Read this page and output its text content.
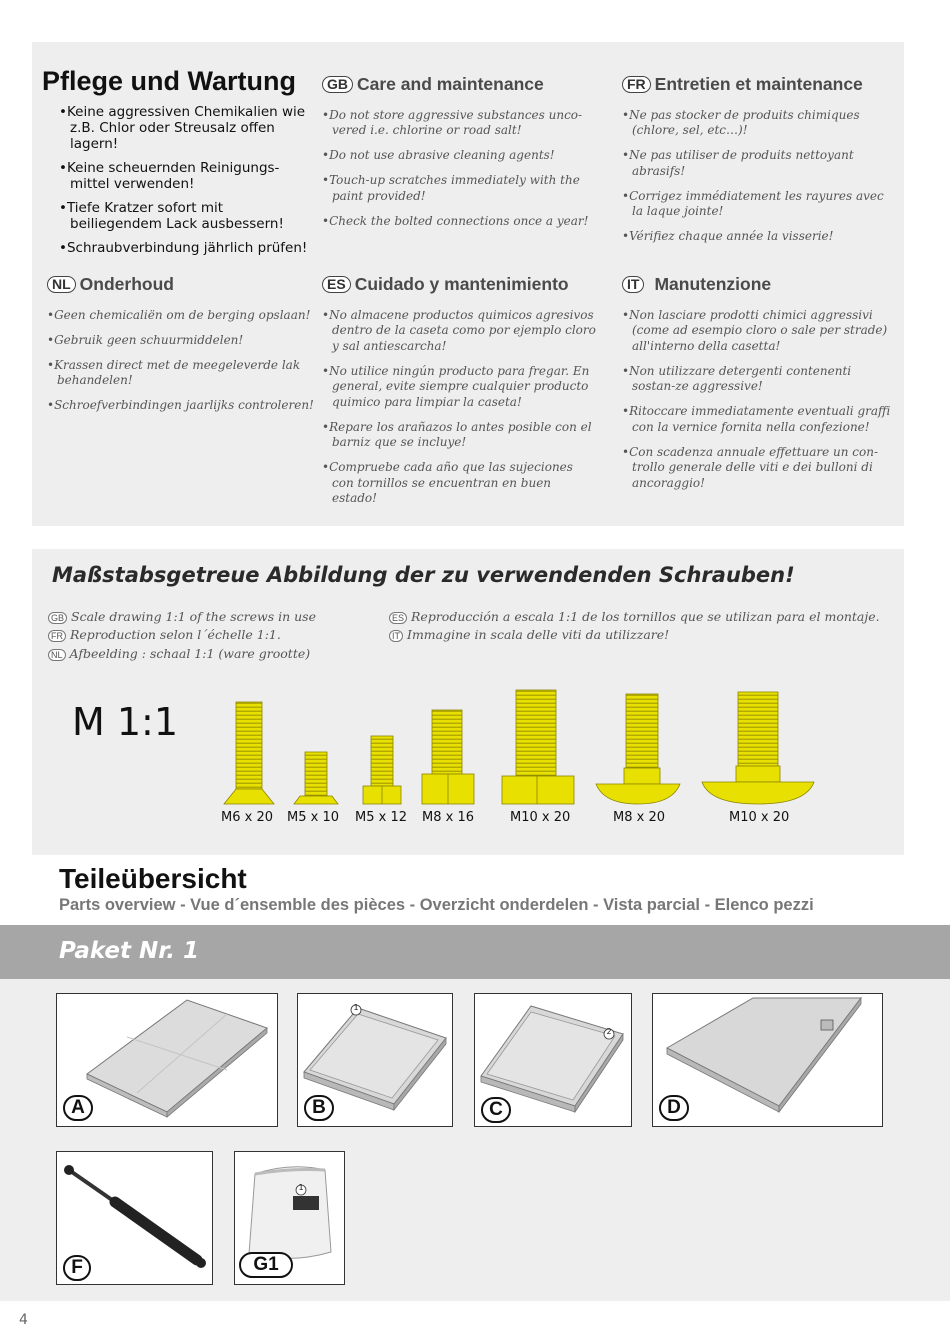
Pflege und Wartung
• Keine aggressiven Chemikalien wie z.B. Chlor oder Streusalz offen lagern!
• Keine scheuernden Reinigungs-mittel verwenden!
• Tiefe Kratzer sofort mit beiliegendem Lack ausbessern!
• Schraubverbindung jährlich prüfen!
GB Care and maintenance
• Do not store aggressive substances unco-vered i.e. chlorine or road salt!
• Do not use abrasive cleaning agents!
• Touch-up scratches immediately with the paint provided!
• Check the bolted connections once a year!
FR Entretien et maintenance
• Ne pas stocker de produits chimiques (chlore, sel, etc…)!
• Ne pas utiliser de produits nettoyant abrasifs!
• Corrigez immédiatement les rayures avec la laque jointe!
• Vérifiez chaque année la visserie!
NL Onderhoud
• Geen chemicaliën om de berging opslaan!
• Gebruik geen schuurmiddelen!
• Krassen direct met de meegeleverde lak behandelen!
• Schroefverbindingen jaarlijks controleren!
ES Cuidado y mantenimiento
• No almacene productos quimicos agresivos dentro de la caseta como por ejemplo cloro y sal antiescarcha!
• No utilice ningún producto para fregar. En general, evite siempre cualquier producto quimico para limpiar la caseta!
• Repare los arañazos lo antes posible con el barniz que se incluye!
• Compruebe cada año que las sujeciones con tornillos se encuentran en buen estado!
IT Manutenzione
• Non lasciare prodotti chimici aggressivi (come ad esempio cloro o sale per strade) all'interno della casetta!
• Non utilizzare detergenti contenenti sostan-ze aggressive!
• Ritoccare immediatamente eventuali graffi con la vernice fornita nella confezione!
• Con scadenza annuale effettuare un con-trollo generale delle viti e dei bulloni di ancoraggio!
Maßstabsgetreue Abbildung der zu verwendenden Schrauben!
GB Scale drawing 1:1 of the screws in use
FR Reproduction selon l´échelle 1:1.
NL Afbeelding : schaal 1:1 (ware grootte)
ES Reproducción a escala 1:1 de los tornillos que se utilizan para el montaje.
IT Immagine in scala delle viti da utilizzare!
M 1:1
M6 x 20 M5 x 10 M5 x 12 M8 x 16	M10 x 20	M8 x 20	M10 x 20
Teileübersicht
Parts overview - Vue d´ensemble des pièces - Overzicht onderdelen - Vista parcial - Elenco pezzi
Paket Nr. 1
A
1
B
2
C	D
F
1
G1
4
